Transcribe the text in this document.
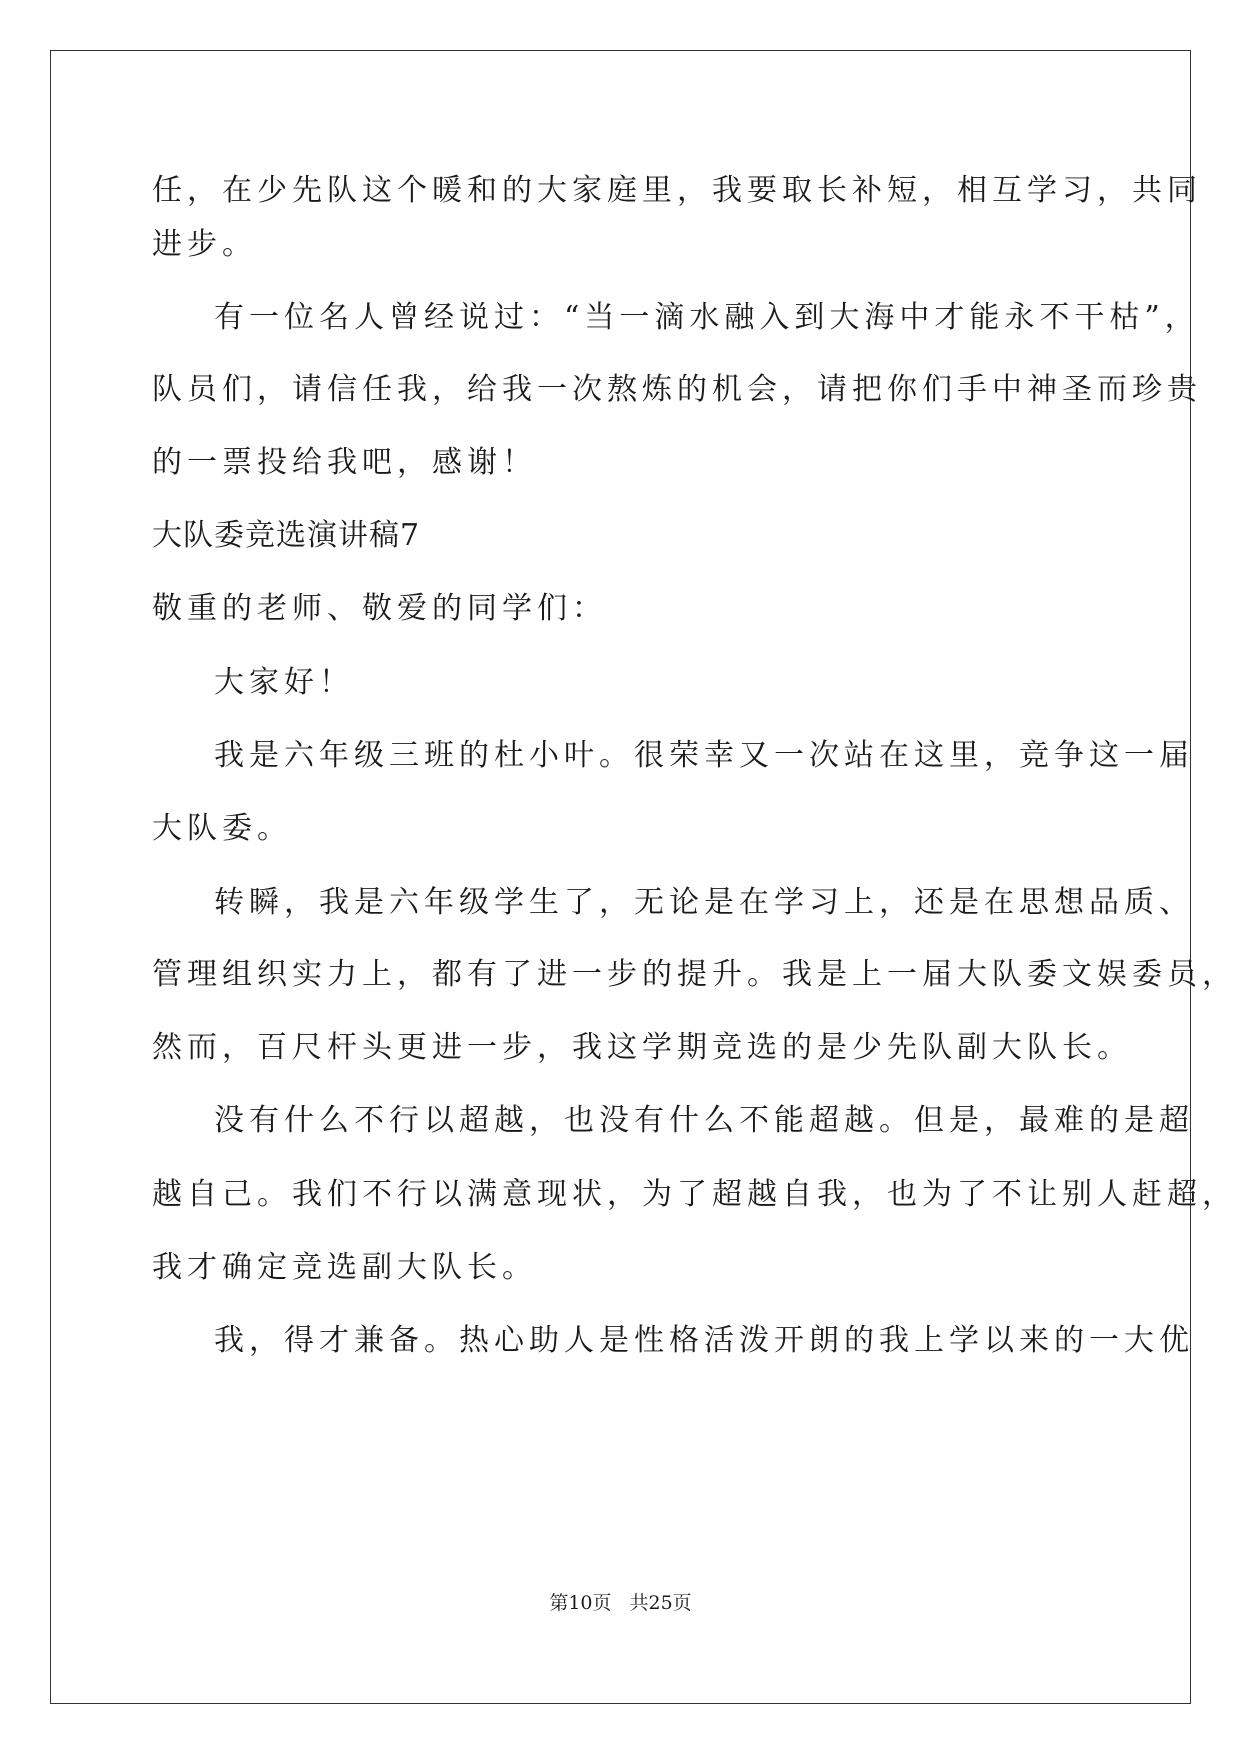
任，在少先队这个暖和的大家庭里，我要取长补短，相互学习，共同
进步。
有一位名人曾经说过：“当一滴水融入到大海中才能永不干枯”，
队员们，请信任我，给我一次熬炼的机会，请把你们手中神圣而珍贵
的一票投给我吧，感谢！
大队委竞选演讲稿7
敬重的老师、敬爱的同学们：
大家好！
我是六年级三班的杜小叶。很荣幸又一次站在这里，竞争这一届
大队委。
转瞬，我是六年级学生了，无论是在学习上，还是在思想品质、
管理组织实力上，都有了进一步的提升。我是上一届大队委文娱委员，
然而，百尺杆头更进一步，我这学期竞选的是少先队副大队长。
没有什么不行以超越，也没有什么不能超越。但是，最难的是超
越自己。我们不行以满意现状，为了超越自我，也为了不让别人赶超，
我才确定竞选副大队长。
我，得才兼备。热心助人是性格活泼开朗的我上学以来的一大优
第10页 共25页
